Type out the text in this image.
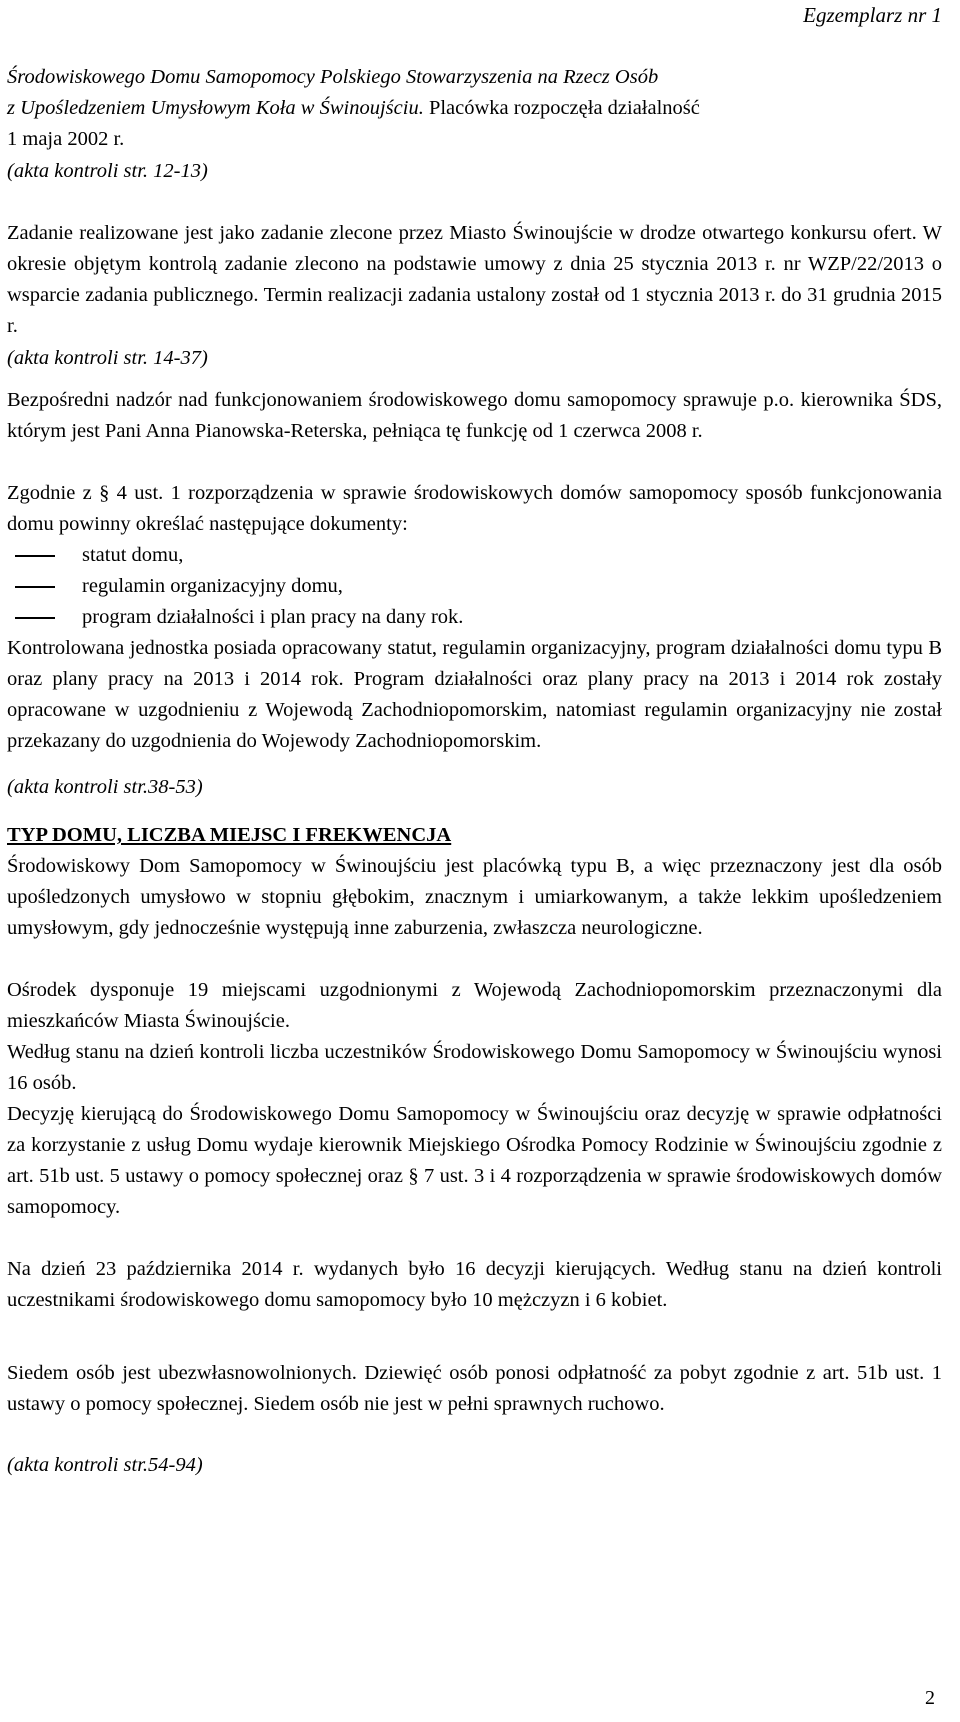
Egzemplarz nr 1

Środowiskowego Domu Samopomocy Polskiego Stowarzyszenia na Rzecz Osób

z Upośledzeniem Umysłowym Koła w Świnoujściu. Placówka rozpoczęła działalność

1 maja 2002 r.

(akta kontroli str. 12-13)

Zadanie realizowane jest jako zadanie zlecone przez Miasto Świnoujście w drodze otwartego konkursu ofert. W okresie objętym kontrolą zadanie zlecono na podstawie umowy z dnia 25 stycznia 2013 r. nr WZP/22/2013 o wsparcie zadania publicznego. Termin realizacji zadania ustalony został od 1 stycznia 2013 r. do 31 grudnia 2015 r.

(akta kontroli str. 14-37)

Bezpośredni nadzór nad funkcjonowaniem środowiskowego domu samopomocy sprawuje p.o. kierownika ŚDS, którym jest Pani Anna Pianowska-Reterska, pełniąca tę funkcję od 1 czerwca 2008 r.

Zgodnie z § 4 ust. 1 rozporządzenia w sprawie środowiskowych domów samopomocy sposób funkcjonowania domu powinny określać następujące dokumenty:

statut domu,
regulamin organizacyjny domu,
program działalności i plan pracy na dany rok.

Kontrolowana jednostka posiada opracowany statut, regulamin organizacyjny, program działalności domu typu B oraz plany pracy na 2013 i 2014 rok. Program działalności oraz plany pracy na 2013 i 2014 rok zostały opracowane w uzgodnieniu z Wojewodą Zachodniopomorskim, natomiast regulamin organizacyjny nie został przekazany do uzgodnienia do Wojewody Zachodniopomorskim.

(akta kontroli str.38-53)

TYP DOMU, LICZBA MIEJSC I FREKWENCJA

Środowiskowy Dom Samopomocy w Świnoujściu jest placówką typu B, a więc przeznaczony jest dla osób upośledzonych umysłowo w stopniu głębokim, znacznym i umiarkowanym, a także lekkim upośledzeniem umysłowym, gdy jednocześnie występują inne zaburzenia, zwłaszcza neurologiczne.

Ośrodek dysponuje 19 miejscami uzgodnionymi z Wojewodą Zachodniopomorskim przeznaczonymi dla mieszkańców Miasta Świnoujście.

Według stanu na dzień kontroli liczba uczestników Środowiskowego Domu Samopomocy w Świnoujściu wynosi 16 osób.

Decyzję kierującą do Środowiskowego Domu Samopomocy w Świnoujściu oraz decyzję w sprawie odpłatności za korzystanie z usług Domu wydaje kierownik Miejskiego Ośrodka Pomocy Rodzinie w Świnoujściu zgodnie z art. 51b ust. 5 ustawy o pomocy społecznej oraz § 7 ust. 3 i 4 rozporządzenia w sprawie środowiskowych domów samopomocy.

Na dzień 23 października 2014 r. wydanych było 16 decyzji kierujących. Według stanu na dzień kontroli uczestnikami środowiskowego domu samopomocy było 10 mężczyzn i 6 kobiet.

Siedem osób jest ubezwłasnowolnionych. Dziewięć osób ponosi odpłatność za pobyt zgodnie z art. 51b ust. 1 ustawy o pomocy społecznej. Siedem osób nie jest w pełni sprawnych ruchowo.

(akta kontroli str.54-94)

2
